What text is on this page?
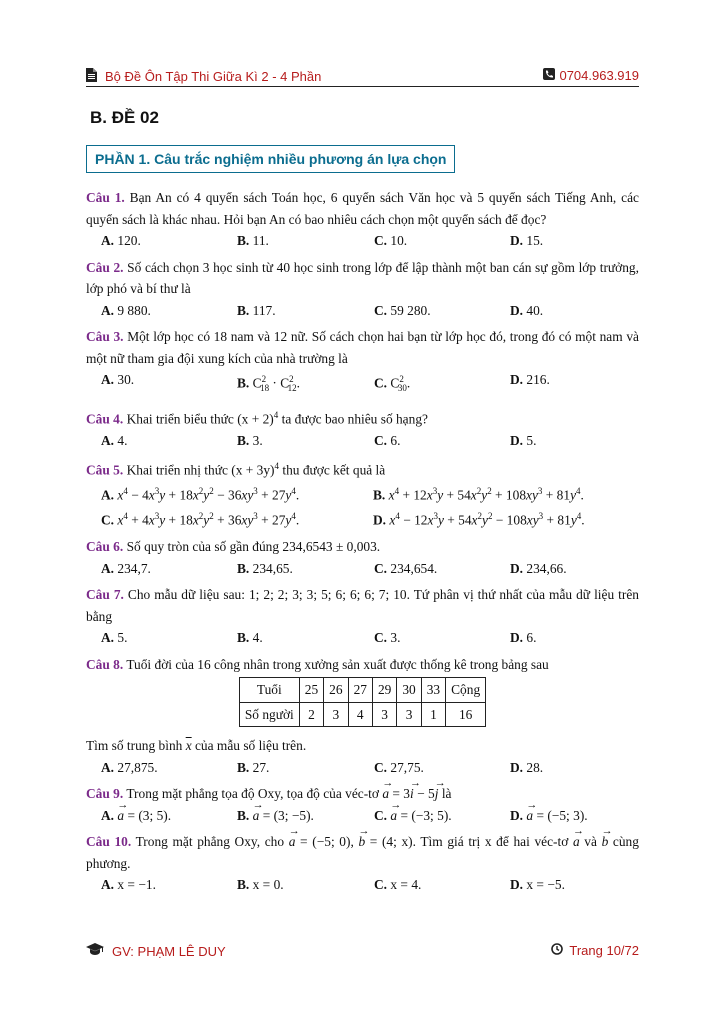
Bộ Đề Ôn Tập Thi Giữa Kì 2 - 4 Phần	0704.963.919
B. ĐỀ 02
PHẦN 1. Câu trắc nghiệm nhiều phương án lựa chọn

Câu 1. Bạn An có 4 quyển sách Toán học, 6 quyển sách Văn học và 5 quyển sách Tiếng Anh, các quyển sách là khác nhau. Hỏi bạn An có bao nhiêu cách chọn một quyển sách để đọc?

A. 120.	B. 11.	C. 10.	D. 15.

Câu 2. Số cách chọn 3 học sinh từ 40 học sinh trong lớp để lập thành một ban cán sự gồm lớp trưởng, lớp phó và bí thư là

A. 9 880.	B. 117.	C. 59 280.	D. 40.

Câu 3. Một lớp học có 18 nam và 12 nữ. Số cách chọn hai bạn từ lớp học đó, trong đó có một nam và một nữ tham gia đội xung kích của nhà trường là

A. 30.	B. $C^2_{18} \cdot C^2_{12}$.	C. $C^2_{30}$.	D. 216.

Câu 4. Khai triển biểu thức $(x + 2)^4$ ta được bao nhiêu số hạng?

A. 4.	B. 3.	C. 6.	D. 5.

Câu 5. Khai triển nhị thức $(x + 3y)^4$ thu được kết quả là

A. $x^4 - 4x^3y + 18x^2y^2 - 36xy^3 + 27y^4$.	B. $x^4 + 12x^3y + 54x^2y^2 + 108xy^3 + 81y^4$.
C. $x^4 + 4x^3y + 18x^2y^2 + 36xy^3 + 27y^4$.	D. $x^4 - 12x^3y + 54x^2y^2 - 108xy^3 + 81y^4$.

Câu 6. Số quy tròn của số gần đúng 234,6543 ± 0,003.

A. 234,7.	B. 234,65.	C. 234,654.	D. 234,66.

Câu 7. Cho mẫu dữ liệu sau: 1; 2; 2; 3; 3; 5; 6; 6; 6; 7; 10. Tứ phân vị thứ nhất của mẫu dữ liệu trên bằng

A. 5.	B. 4.	C. 3.	D. 6.

Câu 8. Tuổi đời của 16 công nhân trong xưởng sản xuất được thống kê trong bảng sau

Tuổi	25	26	27	29	30	33	Cộng
Số người	2	3	4	3	3	1	16

Tìm số trung bình $\overline{x}$ của mẫu số liệu trên.

A. 27,875.	B. 27.	C. 27,75.	D. 28.

Câu 9. Trong mặt phẳng tọa độ Oxy, tọa độ của véc-tơ → a = 3→ i − 5→ j là

A. → a = (3; 5).	B. → a = (3; −5).	C. → a = (−3; 5).	D. → a = (−5; 3).

Câu 10. Trong mặt phẳng Oxy, cho → a = (−5; 0), → b = (4; x). Tìm giá trị x để hai véc-tơ → a và → b cùng phương.

A. x = −1.	B. x = 0.	C. x = 4.	D. x = −5.
GV: PHẠM LÊ DUY	Trang 10/72
